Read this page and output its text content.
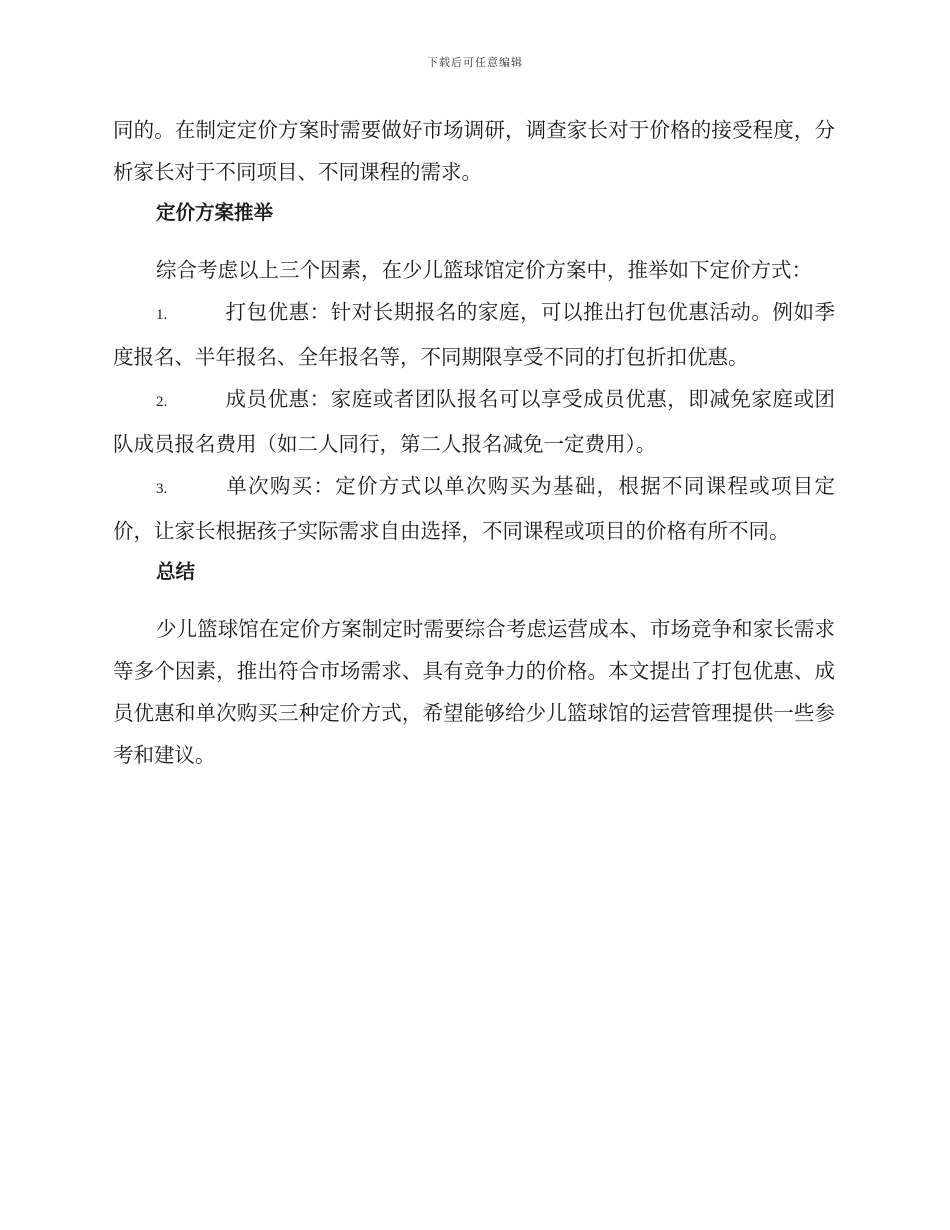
下载后可任意编辑

同的。在制定定价方案时需要做好市场调研，调查家长对于价格的接受程度，分析家长对于不同项目、不同课程的需求。

定价方案推举

综合考虑以上三个因素，在少儿篮球馆定价方案中，推举如下定价方式：

1.	打包优惠：针对长期报名的家庭，可以推出打包优惠活动。例如季度报名、半年报名、全年报名等，不同期限享受不同的打包折扣优惠。

2.	成员优惠：家庭或者团队报名可以享受成员优惠，即减免家庭或团队成员报名费用（如二人同行，第二人报名减免一定费用）。

3.	单次购买：定价方式以单次购买为基础，根据不同课程或项目定价，让家长根据孩子实际需求自由选择，不同课程或项目的价格有所不同。

总结

少儿篮球馆在定价方案制定时需要综合考虑运营成本、市场竞争和家长需求等多个因素，推出符合市场需求、具有竞争力的价格。本文提出了打包优惠、成员优惠和单次购买三种定价方式，希望能够给少儿篮球馆的运营管理提供一些参考和建议。
